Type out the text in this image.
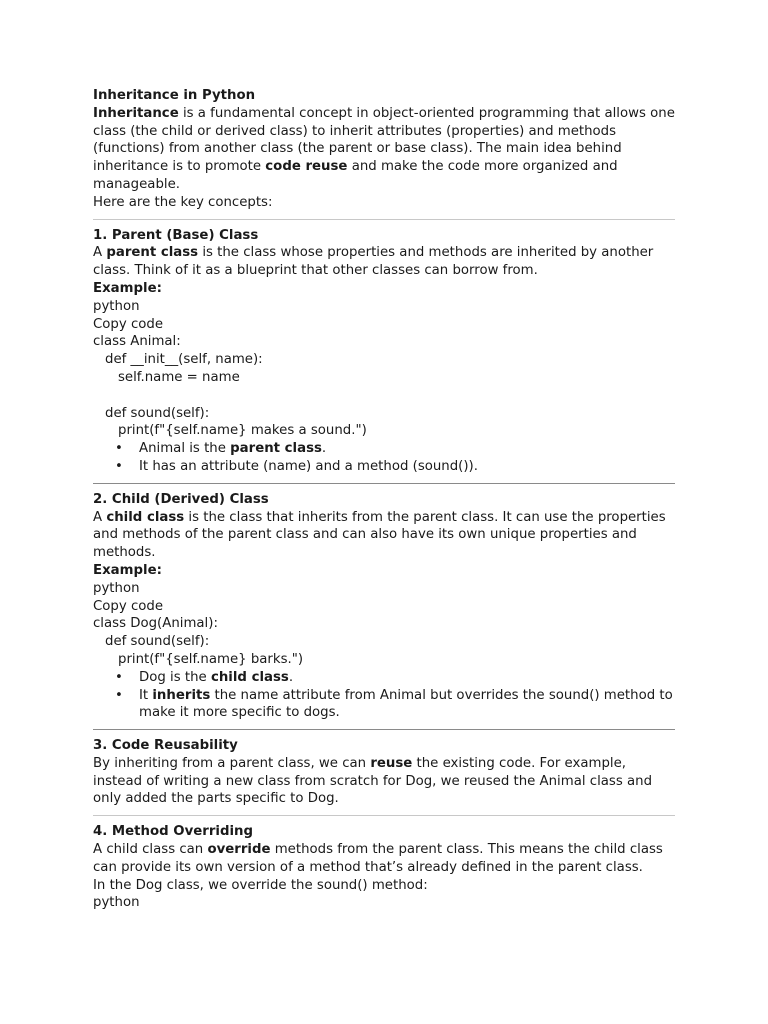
Inheritance in Python

Inheritance is a fundamental concept in object-oriented programming that allows one class (the child or derived class) to inherit attributes (properties) and methods (functions) from another class (the parent or base class). The main idea behind inheritance is to promote code reuse and make the code more organized and manageable.

Here are the key concepts:

1. Parent (Base) Class

A parent class is the class whose properties and methods are inherited by another class. Think of it as a blueprint that other classes can borrow from.

Example:

python

Copy code

class Animal:

def __init__(self, name):

self.name = name

def sound(self):

print(f"{self.name} makes a sound.")

• Animal is the parent class.
• It has an attribute (name) and a method (sound()).

2. Child (Derived) Class

A child class is the class that inherits from the parent class. It can use the properties and methods of the parent class and can also have its own unique properties and methods.

Example:

python

Copy code

class Dog(Animal):

def sound(self):

print(f"{self.name} barks.")

• Dog is the child class.
• It inherits the name attribute from Animal but overrides the sound() method to make it more specific to dogs.

3. Code Reusability

By inheriting from a parent class, we can reuse the existing code. For example, instead of writing a new class from scratch for Dog, we reused the Animal class and only added the parts specific to Dog.

4. Method Overriding

A child class can override methods from the parent class. This means the child class can provide its own version of a method that’s already defined in the parent class.

In the Dog class, we override the sound() method:

python
